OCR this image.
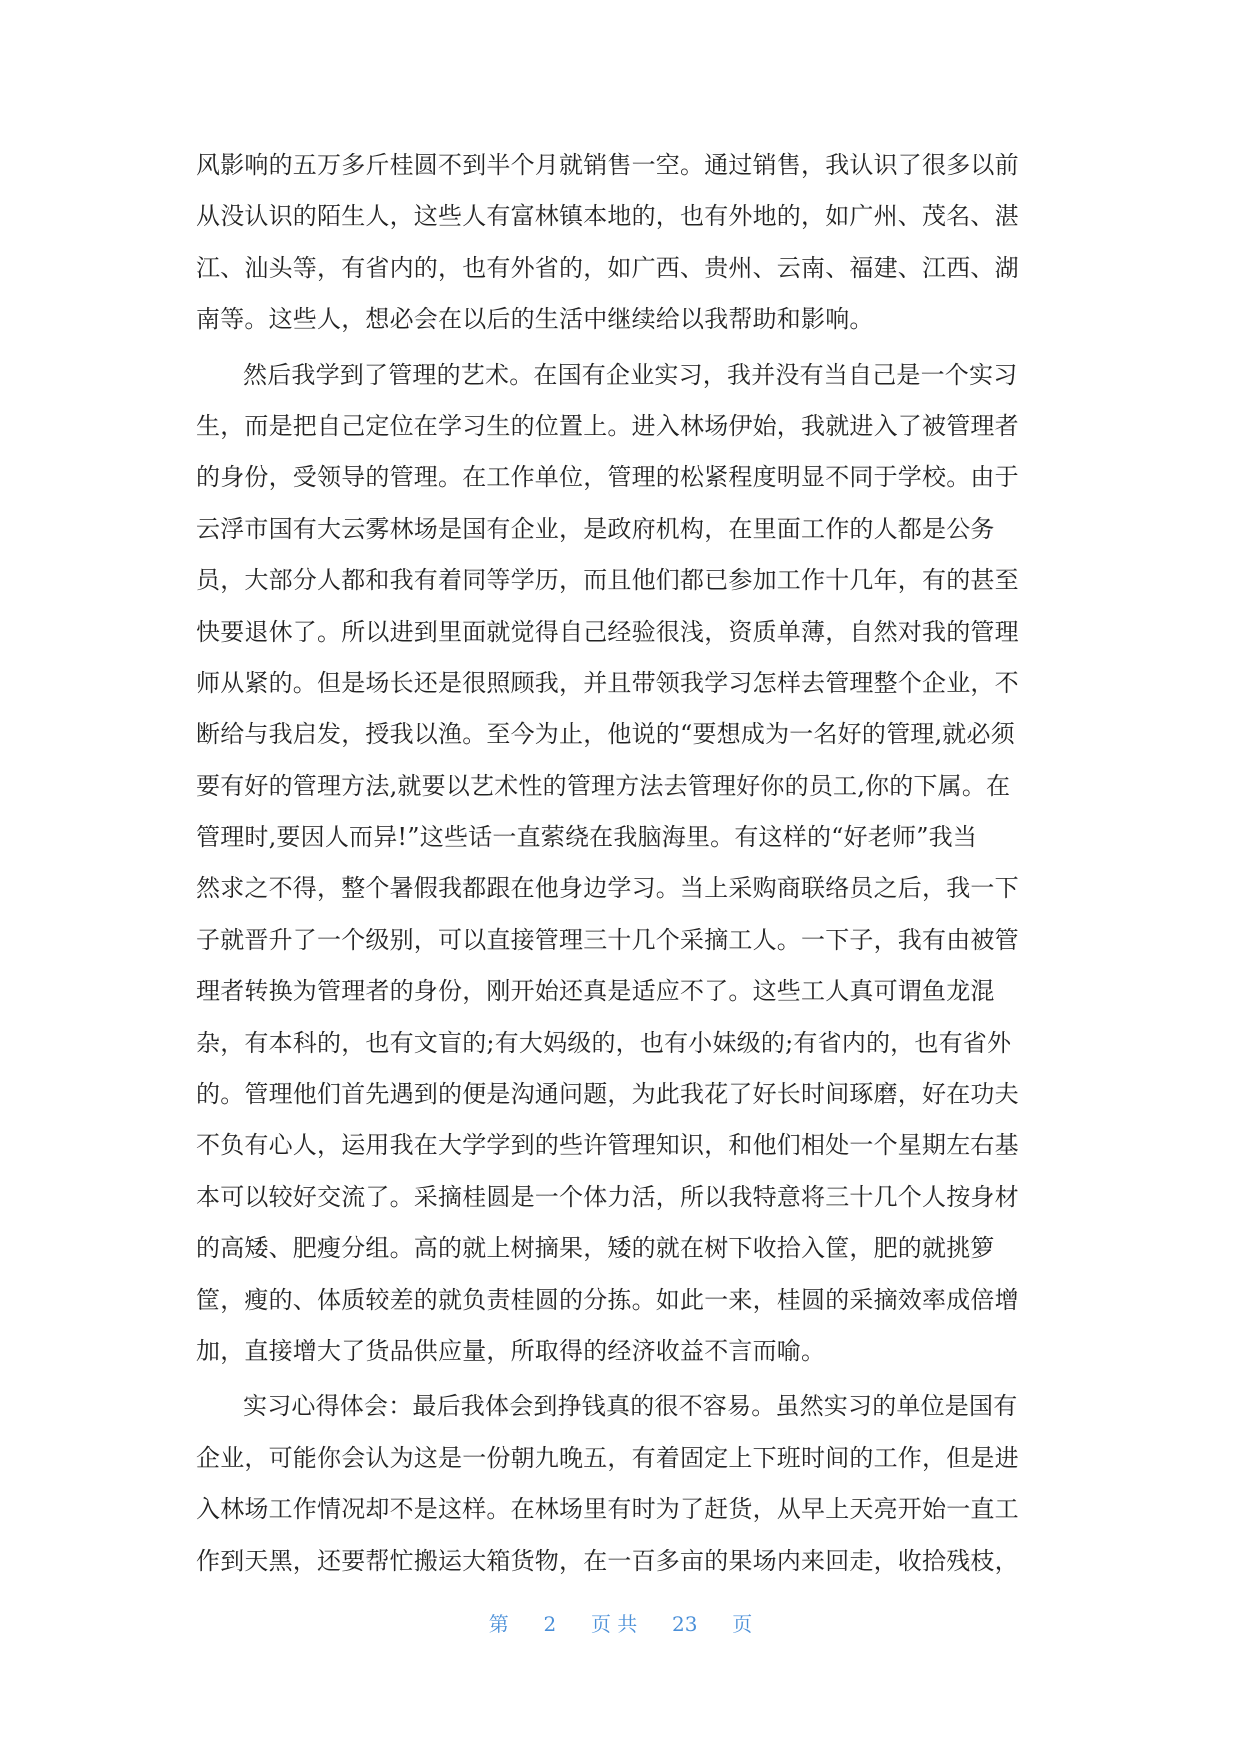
风影响的五万多斤桂圆不到半个月就销售一空。通过销售，我认识了很多以前
从没认识的陌生人，这些人有富林镇本地的，也有外地的，如广州、茂名、湛
江、汕头等，有省内的，也有外省的，如广西、贵州、云南、福建、江西、湖
南等。这些人，想必会在以后的生活中继续给以我帮助和影响。
然后我学到了管理的艺术。在国有企业实习，我并没有当自己是一个实习
生，而是把自己定位在学习生的位置上。进入林场伊始，我就进入了被管理者
的身份，受领导的管理。在工作单位，管理的松紧程度明显不同于学校。由于
云浮市国有大云雾林场是国有企业，是政府机构，在里面工作的人都是公务
员，大部分人都和我有着同等学历，而且他们都已参加工作十几年，有的甚至
快要退休了。所以进到里面就觉得自己经验很浅，资质单薄，自然对我的管理
师从紧的。但是场长还是很照顾我，并且带领我学习怎样去管理整个企业，不
断给与我启发，授我以渔。至今为止，他说的“要想成为一名好的管理,就必须
要有好的管理方法,就要以艺术性的管理方法去管理好你的员工,你的下属。在
管理时,要因人而异!”这些话一直萦绕在我脑海里。有这样的“好老师”我当
然求之不得，整个暑假我都跟在他身边学习。当上采购商联络员之后，我一下
子就晋升了一个级别，可以直接管理三十几个采摘工人。一下子，我有由被管
理者转换为管理者的身份，刚开始还真是适应不了。这些工人真可谓鱼龙混
杂，有本科的，也有文盲的;有大妈级的，也有小妹级的;有省内的，也有省外
的。管理他们首先遇到的便是沟通问题，为此我花了好长时间琢磨，好在功夫
不负有心人，运用我在大学学到的些许管理知识，和他们相处一个星期左右基
本可以较好交流了。采摘桂圆是一个体力活，所以我特意将三十几个人按身材
的高矮、肥瘦分组。高的就上树摘果，矮的就在树下收拾入筐，肥的就挑箩
筐，瘦的、体质较差的就负责桂圆的分拣。如此一来，桂圆的采摘效率成倍增
加，直接增大了货品供应量，所取得的经济收益不言而喻。
实习心得体会：最后我体会到挣钱真的很不容易。虽然实习的单位是国有
企业，可能你会认为这是一份朝九晚五，有着固定上下班时间的工作，但是进
入林场工作情况却不是这样。在林场里有时为了赶货，从早上天亮开始一直工
作到天黑，还要帮忙搬运大箱货物，在一百多亩的果场内来回走，收拾残枝，
第 2 页 共 23 页
